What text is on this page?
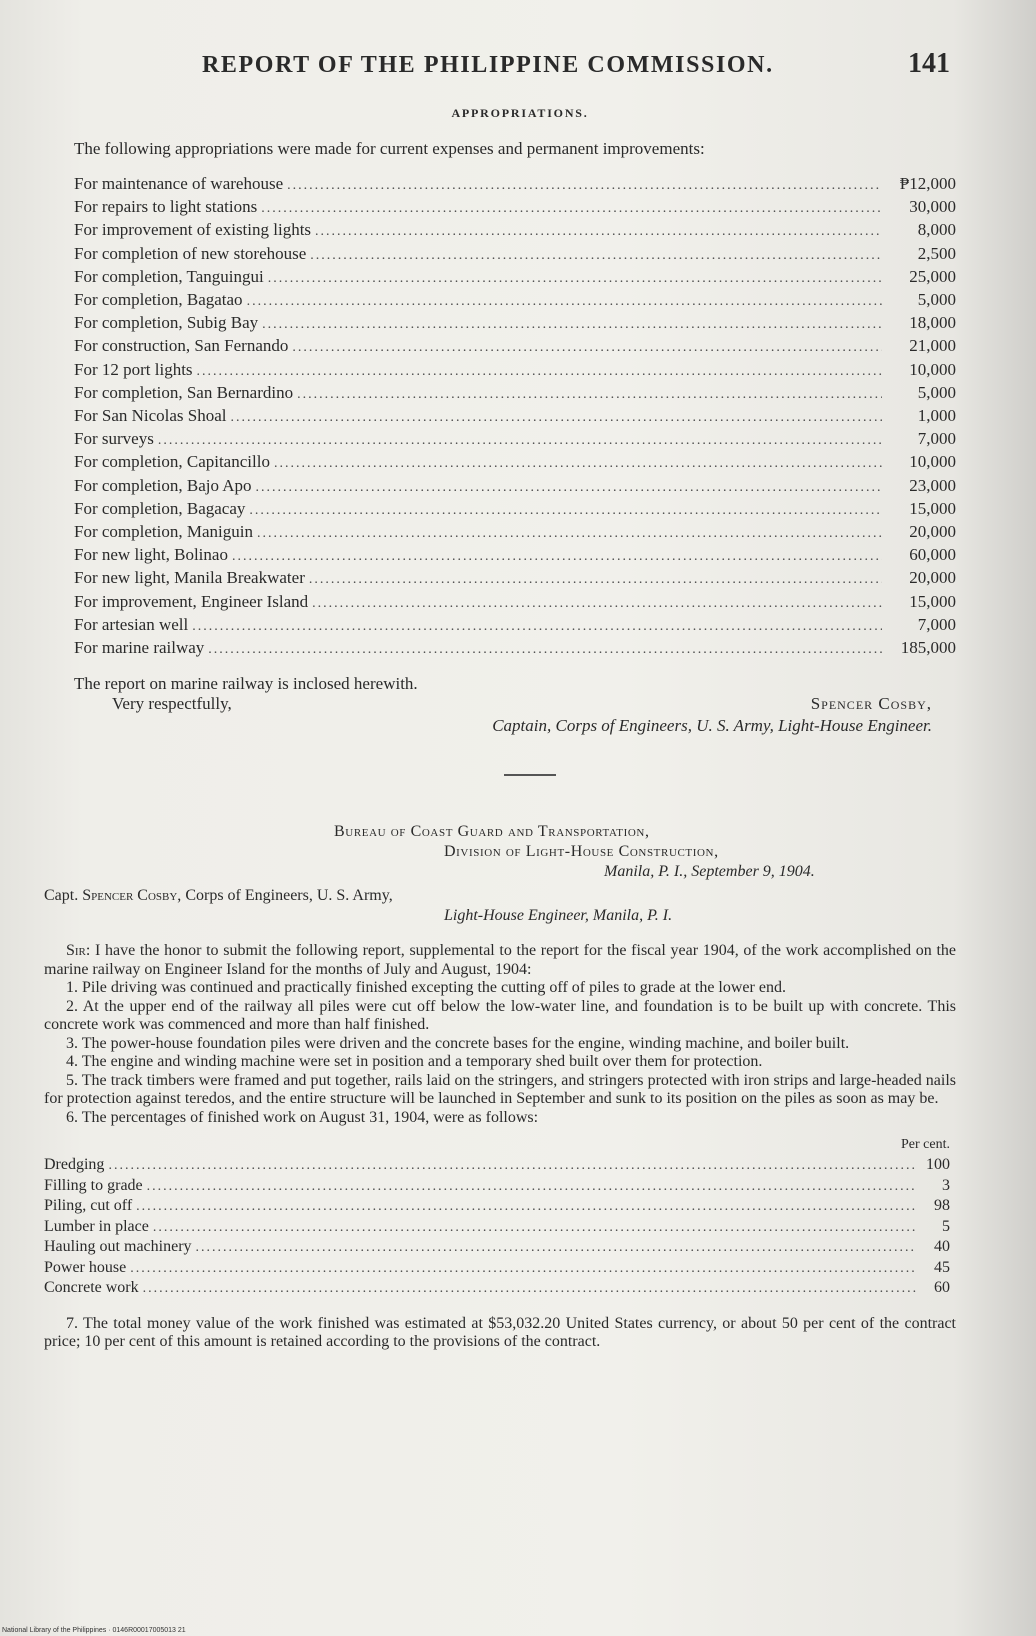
REPORT OF THE PHILIPPINE COMMISSION.	141
APPROPRIATIONS.
The following appropriations were made for current expenses and permanent improvements:
For maintenance of warehouse .....	₱12,000
For repairs to light stations .....	30,000
For improvement of existing lights .....	8,000
For completion of new storehouse .....	2,500
For completion, Tanguingui .....	25,000
For completion, Bagatao .....	5,000
For completion, Subig Bay .....	18,000
For construction, San Fernando .....	21,000
For 12 port lights .....	10,000
For completion, San Bernardino .....	5,000
For San Nicolas Shoal .....	1,000
For surveys .....	7,000
For completion, Capitancillo .....	10,000
For completion, Bajo Apo .....	23,000
For completion, Bagacay .....	15,000
For completion, Maniguin .....	20,000
For new light, Bolinao .....	60,000
For new light, Manila Breakwater .....	20,000
For improvement, Engineer Island .....	15,000
For artesian well .....	7,000
For marine railway .....	185,000
The report on marine railway is inclosed herewith.
Very respectfully,	Spencer Cosby,
Captain, Corps of Engineers, U. S. Army, Light-House Engineer.
Bureau of Coast Guard and Transportation,
Division of Light-House Construction,
Manila, P. I., September 9, 1904.
Capt. Spencer Cosby, Corps of Engineers, U. S. Army,
Light-House Engineer, Manila, P. I.

Sir: I have the honor to submit the following report, supplemental to the report for the fiscal year 1904, of the work accomplished on the marine railway on Engineer Island for the months of July and August, 1904:

1. Pile driving was continued and practically finished excepting the cutting off of piles to grade at the lower end.

2. At the upper end of the railway all piles were cut off below the low-water line, and foundation is to be built up with concrete. This concrete work was commenced and more than half finished.

3. The power-house foundation piles were driven and the concrete bases for the engine, winding machine, and boiler built.

4. The engine and winding machine were set in position and a temporary shed built over them for protection.

5. The track timbers were framed and put together, rails laid on the stringers, and stringers protected with iron strips and large-headed nails for protection against teredos, and the entire structure will be launched in September and sunk to its position on the piles as soon as may be.

6. The percentages of finished work on August 31, 1904, were as follows:

Per cent.
Dredging .....	100
Filling to grade .....	3
Piling, cut off .....	98
Lumber in place .....	5
Hauling out machinery .....	40
Power house .....	45
Concrete work .....	60

7. The total money value of the work finished was estimated at $53,032.20 United States currency, or about 50 per cent of the contract price; 10 per cent of this amount is retained according to the provisions of the contract.

National Library of the Philippines · 0146R00017005013 21
